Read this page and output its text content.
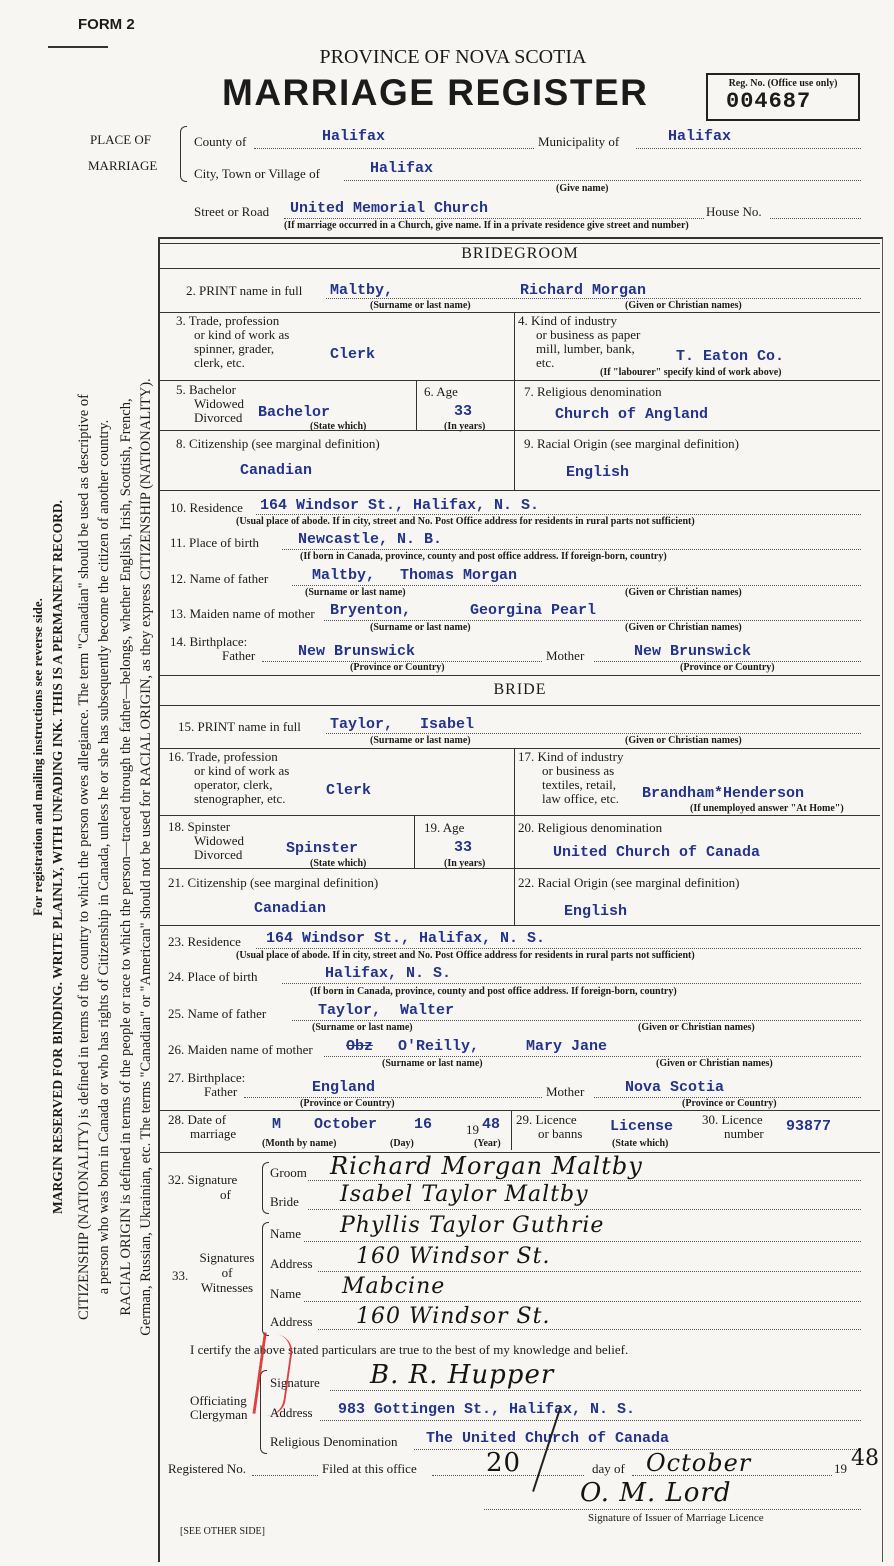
FORM 2
PROVINCE OF NOVA SCOTIA
MARRIAGE REGISTER	Reg. No. (Office use only)
004687
PLACE OF
MARRIAGE
County of	Halifax	Municipality of	Halifax
City, Town or Village of	Halifax
(Give name)
Street or Road United Memorial Church	House No.
(If marriage occurred in a Church, give name. If in a private residence give street and number)
For registration and mailing instructions see reverse side. MARGIN RESERVED FOR BINDING. WRITE PLAINLY, WITH UNFADING INK. THIS IS A PERMANENT RECORD. CITIZENSHIP (NATIONALITY) is defined in terms of the country to which the person owes allegiance. The term "Canadian" should be used as descriptive of a person who was born in Canada or who has rights of Citizenship in Canada, unless he or she has subsequently become the citizen of another country. RACIAL ORIGIN is defined in terms of the people or race to which the person—traced through the father—belongs, whether English, Irish, Scottish, French, German, Russian, Ukrainian, etc. The terms "Canadian" or "American" should not be used for RACIAL ORIGIN, as they express CITIZENSHIP (NATIONALITY).
BRIDEGROOM
2. PRINT name in full Maltby,	Richard Morgan
(Surname or last name)	(Given or Christian names)
3. Trade, profession
or kind of work as
spinner, grader,
clerk, etc.	Clerk
4. Kind of industry
or business as paper
mill, lumber, bank,
etc.	T. Eaton Co.
(If "labourer" specify kind of work above)
5. Bachelor
Widowed
Divorced Bachelor
(State which)
6. Age
33
(In years)
7. Religious denomination
Church of Angland
8. Citizenship (see marginal definition)
Canadian
9. Racial Origin (see marginal definition)
English
10. Residence 164 Windsor St., Halifax, N. S.
(Usual place of abode. If in city, street and No. Post Office address for residents in rural parts not sufficient)
11. Place of birth	Newcastle, N. B.
(If born in Canada, province, county and post office address. If foreign-born, country)
12. Name of father	Maltby, Thomas Morgan
(Surname or last name)	(Given or Christian names)
13. Maiden name of mother Bryenton,	Georgina Pearl
(Surname or last name)	(Given or Christian names)
14. Birthplace:
Father	New Brunswick	Mother	New Brunswick
(Province or Country)	(Province or Country)
BRIDE
15. PRINT name in full Taylor, Isabel
(Surname or last name)	(Given or Christian names)
16. Trade, profession
or kind of work as
operator, clerk,
stenographer, etc.	Clerk
17. Kind of industry
or business as
textiles, retail,
law office, etc. Brandham*Henderson
(If unemployed answer "At Home")
18. Spinster
Widowed
Divorced	Spinster
(State which)
19. Age
33
(In years)
20. Religious denomination
United Church of Canada
21. Citizenship (see marginal definition)
Canadian
22. Racial Origin (see marginal definition)
English
23. Residence 164 Windsor St., Halifax, N. S.
(Usual place of abode. If in city, street and No. Post Office address for residents in rural parts not sufficient)
24. Place of birth	Halifax, N. S.
(If born in Canada, province, county and post office address. If foreign-born, country)
25. Name of father	Taylor, Walter
(Surname or last name)	(Given or Christian names)
26. Maiden name of mother Obz O'Reilly,	Mary Jane
(Surname or last name)	(Given or Christian names)
27. Birthplace:
Father	England	Mother	Nova Scotia
(Province or Country)	(Province or Country)
28. Date of
marriage
M October 16	19 48
(Month by name)	(Day)	(Year)
29. Licence
or banns License
(State which)
30. Licence
number 93877
32. Signature
of
Groom Richard Morgan Maltby
Bride Isabel Taylor Maltby
33.
Signatures
of
Witnesses
Name Phyllis Taylor Guthrie
Address 160 Windsor St.
Name Mabcine
Address 160 Windsor St.
I certify the above stated particulars are true to the best of my knowledge and belief.
Officiating
Clergyman
Signature B. R. Hupper
Address 983 Gottingen St., Halifax, N. S.
Religious Denomination The United Church of Canada
Registered No.	Filed at this office	20	day of October	19 48
O. M. Lord
Signature of Issuer of Marriage Licence
[SEE OTHER SIDE]
